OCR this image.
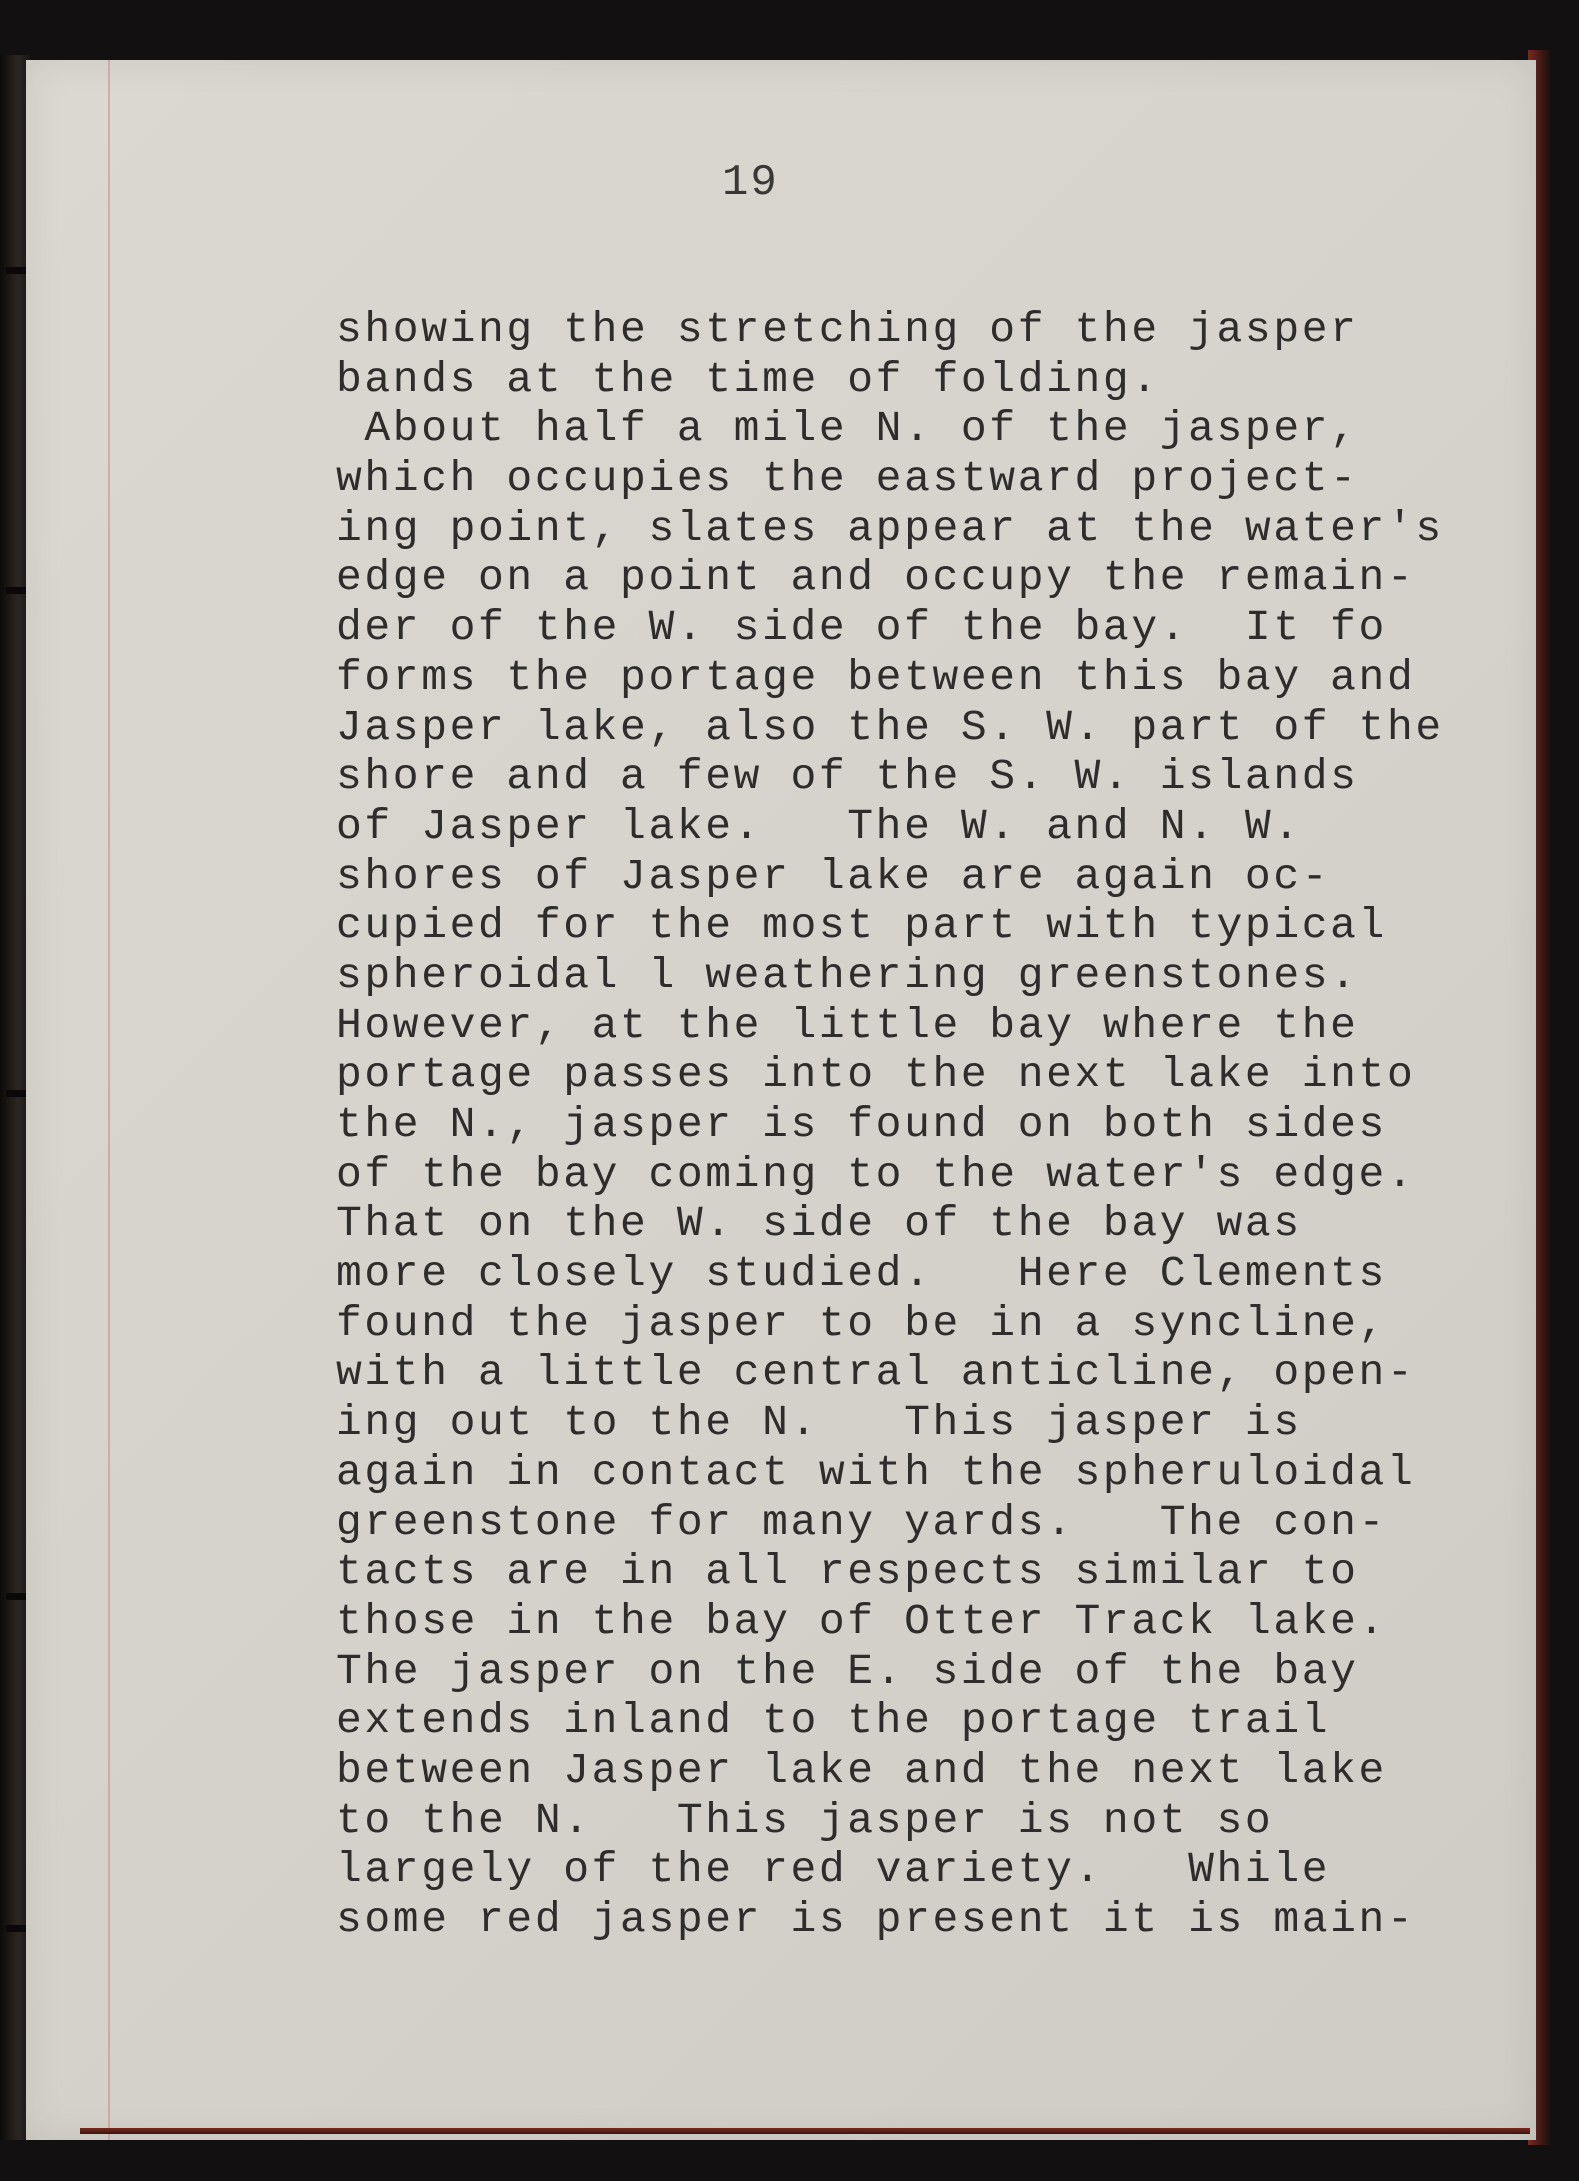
19
showing the stretching of the jasper
bands at the time of folding.
About half a mile N. of the jasper,
which occupies the eastward project-
ing point, slates appear at the water's
edge on a point and occupy the remain-
der of the W. side of the bay.  It fo
forms the portage between this bay and
Jasper lake, also the S. W. part of the
shore and a few of the S. W. islands
of Jasper lake.   The W. and N. W.
shores of Jasper lake are again oc-
cupied for the most part with typical
spheroidal l weathering greenstones.
However, at the little bay where the
portage passes into the next lake into
the N., jasper is found on both sides
of the bay coming to the water's edge.
That on the W. side of the bay was
more closely studied.   Here Clements
found the jasper to be in a syncline,
with a little central anticline, open-
ing out to the N.   This jasper is
again in contact with the spheruloidal
greenstone for many yards.   The con-
tacts are in all respects similar to
those in the bay of Otter Track lake.
The jasper on the E. side of the bay
extends inland to the portage trail
between Jasper lake and the next lake
to the N.   This jasper is not so
largely of the red variety.   While
some red jasper is present it is main-
